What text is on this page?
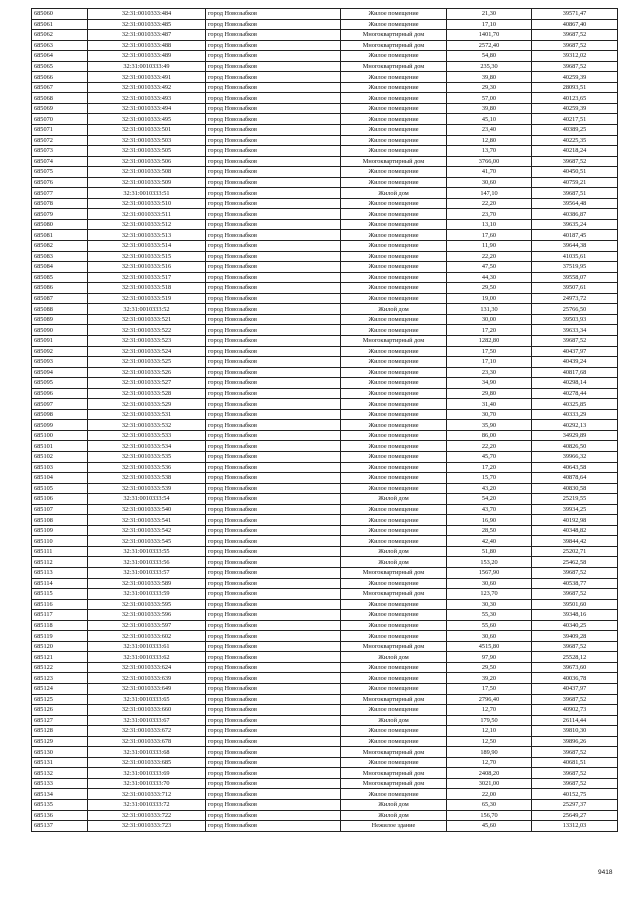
685060	32:31:0010333:484	город Новозыбков	Жилое помещение	21,30	39571,47	
685061	32:31:0010333:485	город Новозыбков	Жилое помещение	17,10	40867,40	
685062	32:31:0010333:487	город Новозыбков	Многоквартирный дом	1401,70	39687,52	
685063	32:31:0010333:488	город Новозыбков	Многоквартирный дом	2572,40	39687,52	
685064	32:31:0010333:489	город Новозыбков	Жилое помещение	54,80	39312,02	
685065	32:31:0010333:49	город Новозыбков	Многоквартирный дом	235,30	39687,52	
685066	32:31:0010333:491	город Новозыбков	Жилое помещение	39,80	40259,39	
685067	32:31:0010333:492	город Новозыбков	Жилое помещение	29,30	28093,51	
685068	32:31:0010333:493	город Новозыбков	Жилое помещение	57,00	40123,65	
685069	32:31:0010333:494	город Новозыбков	Жилое помещение	39,80	40259,39	
685070	32:31:0010333:495	город Новозыбков	Жилое помещение	45,10	40217,51	
685071	32:31:0010333:501	город Новозыбков	Жилое помещение	23,40	40389,25	
685072	32:31:0010333:503	город Новозыбков	Жилое помещение	12,80	40225,35	
685073	32:31:0010333:505	город Новозыбков	Жилое помещение	13,70	40218,24	
685074	32:31:0010333:506	город Новозыбков	Многоквартирный дом	3766,00	39687,52	
685075	32:31:0010333:508	город Новозыбков	Жилое помещение	41,70	40450,51	
685076	32:31:0010333:509	город Новозыбков	Жилое помещение	30,60	40759,21	
685077	32:31:0010333:51	город Новозыбков	Жилой дом	147,10	39687,51	
685078	32:31:0010333:510	город Новозыбков	Жилое помещение	22,20	39564,48	
685079	32:31:0010333:511	город Новозыбков	Жилое помещение	23,70	40386,87	
685080	32:31:0010333:512	город Новозыбков	Жилое помещение	13,10	39635,24	
685081	32:31:0010333:513	город Новозыбков	Жилое помещение	17,60	40187,45	
685082	32:31:0010333:514	город Новозыбков	Жилое помещение	11,90	39644,38	
685083	32:31:0010333:515	город Новозыбков	Жилое помещение	22,20	41035,61	
685084	32:31:0010333:516	город Новозыбков	Жилое помещение	47,50	37519,95	
685085	32:31:0010333:517	город Новозыбков	Жилое помещение	44,30	39558,07	
685086	32:31:0010333:518	город Новозыбков	Жилое помещение	29,50	39507,61	
685087	32:31:0010333:519	город Новозыбков	Жилое помещение	19,00	24973,72	
685088	32:31:0010333:52	город Новозыбков	Жилой дом	131,30	25766,50	
685089	32:31:0010333:521	город Новозыбков	Жилое помещение	30,00	39503,93	
685090	32:31:0010333:522	город Новозыбков	Жилое помещение	17,20	39633,34	
685091	32:31:0010333:523	город Новозыбков	Многоквартирный дом	1282,80	39687,52	
685092	32:31:0010333:524	город Новозыбков	Жилое помещение	17,50	40437,97	
685093	32:31:0010333:525	город Новозыбков	Жилое помещение	17,10	40439,24	
685094	32:31:0010333:526	город Новозыбков	Жилое помещение	23,30	40817,68	
685095	32:31:0010333:527	город Новозыбков	Жилое помещение	34,90	40298,14	
685096	32:31:0010333:528	город Новозыбков	Жилое помещение	29,80	40278,44	
685097	32:31:0010333:529	город Новозыбков	Жилое помещение	31,40	40325,85	
685098	32:31:0010333:531	город Новозыбков	Жилое помещение	30,70	40333,29	
685099	32:31:0010333:532	город Новозыбков	Жилое помещение	35,90	40292,13	
685100	32:31:0010333:533	город Новозыбков	Жилое помещение	86,00	34929,89	
685101	32:31:0010333:534	город Новозыбков	Жилое помещение	22,20	40826,50	
685102	32:31:0010333:535	город Новозыбков	Жилое помещение	45,70	39966,32	
685103	32:31:0010333:536	город Новозыбков	Жилое помещение	17,20	40643,58	
685104	32:31:0010333:538	город Новозыбков	Жилое помещение	15,70	40878,64	
685105	32:31:0010333:539	город Новозыбков	Жилое помещение	43,20	40830,58	
685106	32:31:0010333:54	город Новозыбков	Жилой дом	54,20	25219,55	
685107	32:31:0010333:540	город Новозыбков	Жилое помещение	43,70	39934,25	
685108	32:31:0010333:541	город Новозыбков	Жилое помещение	16,90	40192,98	
685109	32:31:0010333:542	город Новозыбков	Жилое помещение	28,50	40348,82	
685110	32:31:0010333:545	город Новозыбков	Жилое помещение	42,40	39844,42	
685111	32:31:0010333:55	город Новозыбков	Жилой дом	51,80	25202,71	
685112	32:31:0010333:56	город Новозыбков	Жилой дом	153,20	25462,58	
685113	32:31:0010333:57	город Новозыбков	Многоквартирный дом	1567,90	39687,52	
685114	32:31:0010333:589	город Новозыбков	Жилое помещение	30,60	40538,77	
685115	32:31:0010333:59	город Новозыбков	Многоквартирный дом	123,70	39687,52	
685116	32:31:0010333:595	город Новозыбков	Жилое помещение	30,30	39501,60	
685117	32:31:0010333:596	город Новозыбков	Жилое помещение	55,30	39348,16	
685118	32:31:0010333:597	город Новозыбков	Жилое помещение	55,60	40340,25	
685119	32:31:0010333:602	город Новозыбков	Жилое помещение	30,60	39409,28	
685120	32:31:0010333:61	город Новозыбков	Многоквартирный дом	4515,80	39687,52	
685121	32:31:0010333:62	город Новозыбков	Жилой дом	97,90	25528,12	
685122	32:31:0010333:624	город Новозыбков	Жилое помещение	29,50	39673,60	
685123	32:31:0010333:639	город Новозыбков	Жилое помещение	39,20	40036,78	
685124	32:31:0010333:649	город Новозыбков	Жилое помещение	17,50	40437,97	
685125	32:31:0010333:65	город Новозыбков	Многоквартирный дом	2796,40	39687,52	
685126	32:31:0010333:660	город Новозыбков	Жилое помещение	12,70	40902,73	
685127	32:31:0010333:67	город Новозыбков	Жилой дом	179,50	26114,44	
685128	32:31:0010333:672	город Новозыбков	Жилое помещение	12,10	39810,30	
685129	32:31:0010333:678	город Новозыбков	Жилое помещение	12,50	39896,26	
685130	32:31:0010333:68	город Новозыбков	Многоквартирный дом	189,90	39687,52	
685131	32:31:0010333:685	город Новозыбков	Жилое помещение	12,70	40681,51	
685132	32:31:0010333:69	город Новозыбков	Многоквартирный дом	2408,20	39687,52	
685133	32:31:0010333:70	город Новозыбков	Многоквартирный дом	3021,00	39687,52	
685134	32:31:0010333:712	город Новозыбков	Жилое помещение	22,00	40152,75	
685135	32:31:0010333:72	город Новозыбков	Жилой дом	65,30	25297,37	
685136	32:31:0010333:722	город Новозыбков	Жилой дом	156,70	25649,27	
685137	32:31:0010333:723	город Новозыбков	Нежилое здание	45,60	13312,03	
9418
